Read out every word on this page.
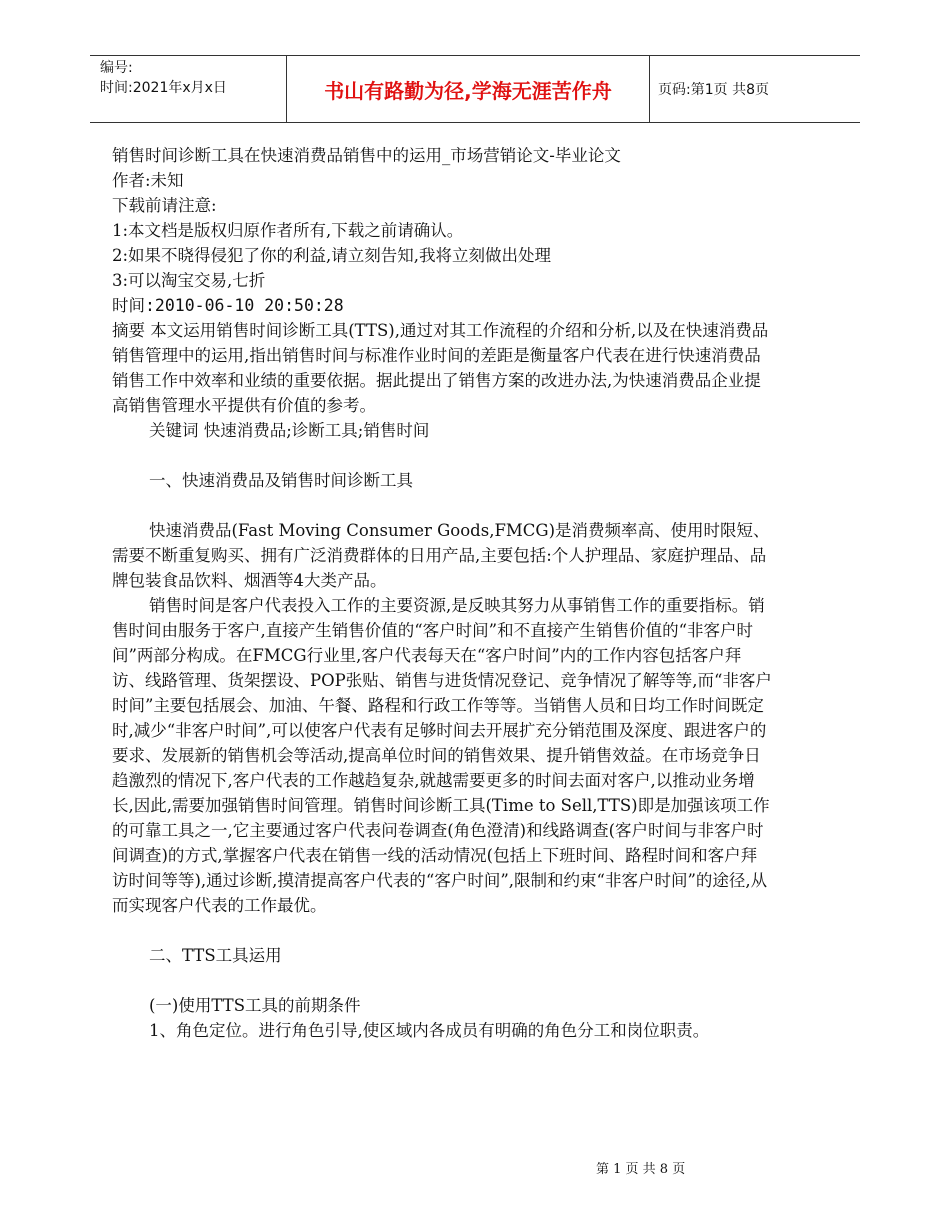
编号:
时间:2021年x月x日	书山有路勤为径,学海无涯苦作舟	页码:第1页 共8页

销售时间诊断工具在快速消费品销售中的运用_市场营销论文-毕业论文

作者:未知

下载前请注意:

1:本文档是版权归原作者所有,下载之前请确认。

2:如果不晓得侵犯了你的利益,请立刻告知,我将立刻做出处理

3:可以淘宝交易,七折

时间:2010-06-10 20:50:28

摘要 本文运用销售时间诊断工具(TTS),通过对其工作流程的介绍和分析,以及在快速消费品销售管理中的运用,指出销售时间与标准作业时间的差距是衡量客户代表在进行快速消费品销售工作中效率和业绩的重要依据。据此提出了销售方案的改进办法,为快速消费品企业提高销售管理水平提供有价值的参考。

关键词 快速消费品;诊断工具;销售时间

一、快速消费品及销售时间诊断工具

快速消费品(Fast Moving Consumer Goods,FMCG)是消费频率高、使用时限短、需要不断重复购买、拥有广泛消费群体的日用产品,主要包括:个人护理品、家庭护理品、品牌包装食品饮料、烟酒等4大类产品。

销售时间是客户代表投入工作的主要资源,是反映其努力从事销售工作的重要指标。销售时间由服务于客户,直接产生销售价值的“客户时间”和不直接产生销售价值的“非客户时间”两部分构成。在FMCG行业里,客户代表每天在“客户时间”内的工作内容包括客户拜访、线路管理、货架摆设、POP张贴、销售与进货情况登记、竞争情况了解等等,而“非客户时间”主要包括展会、加油、午餐、路程和行政工作等等。当销售人员和日均工作时间既定时,减少“非客户时间”,可以使客户代表有足够时间去开展扩充分销范围及深度、跟进客户的要求、发展新的销售机会等活动,提高单位时间的销售效果、提升销售效益。在市场竞争日趋激烈的情况下,客户代表的工作越趋复杂,就越需要更多的时间去面对客户,以推动业务增长,因此,需要加强销售时间管理。销售时间诊断工具(Time to Sell,TTS)即是加强该项工作的可靠工具之一,它主要通过客户代表问卷调查(角色澄清)和线路调查(客户时间与非客户时间调查)的方式,掌握客户代表在销售一线的活动情况(包括上下班时间、路程时间和客户拜访时间等等),通过诊断,摸清提高客户代表的“客户时间”,限制和约束“非客户时间”的途径,从而实现客户代表的工作最优。

二、TTS工具运用

(一)使用TTS工具的前期条件

1、角色定位。进行角色引导,使区域内各成员有明确的角色分工和岗位职责。

第 1 页 共 8 页
